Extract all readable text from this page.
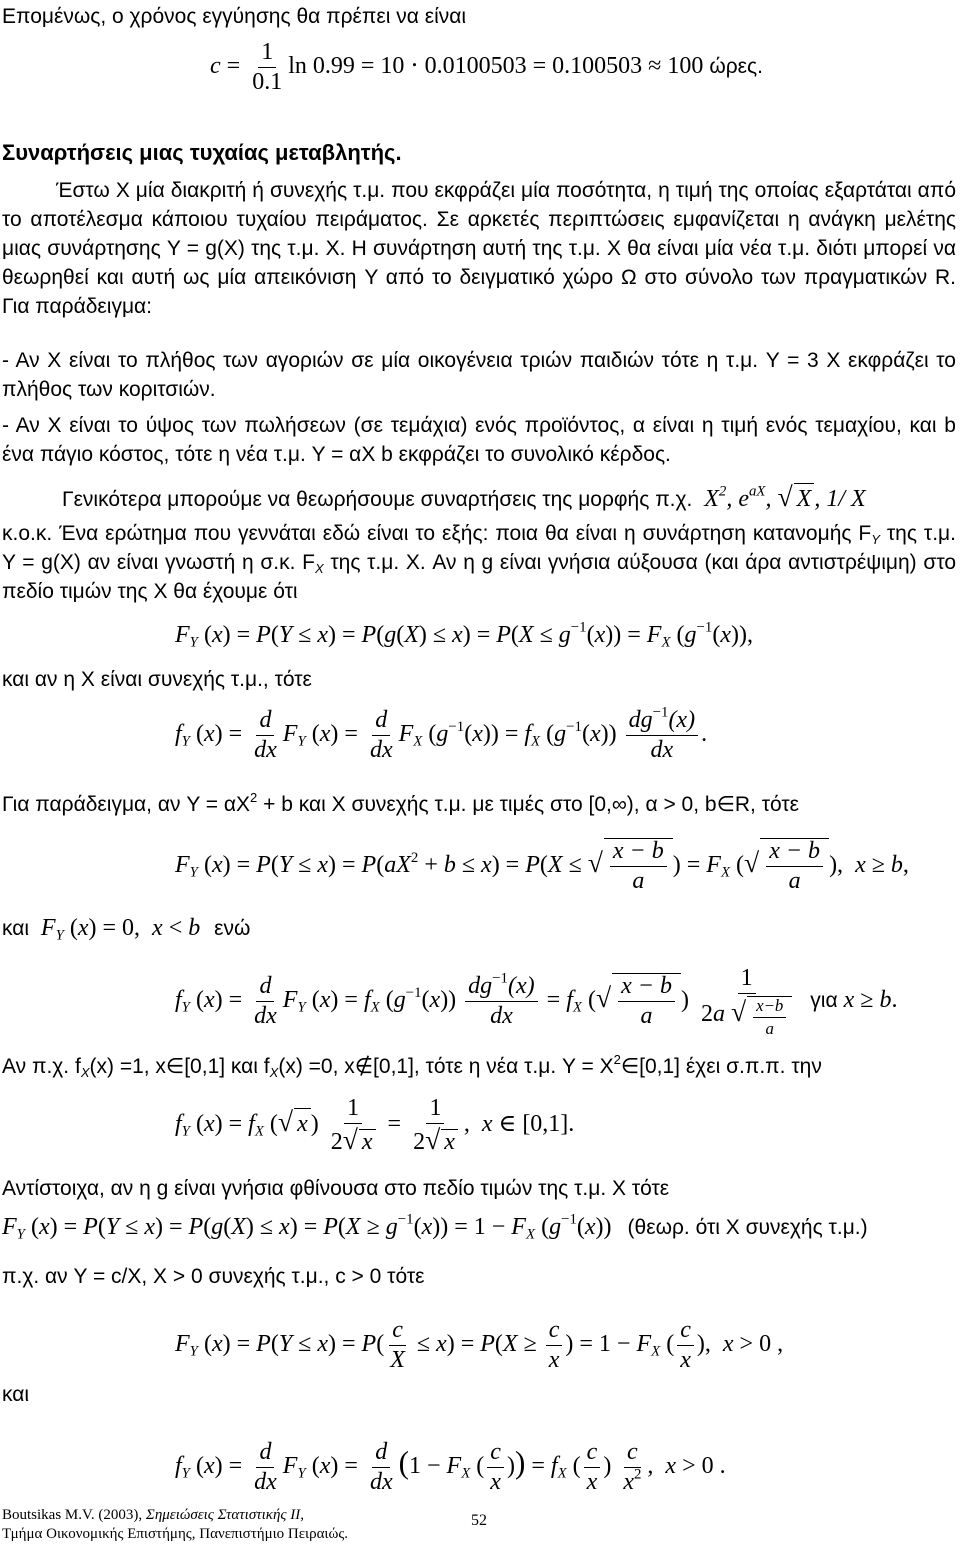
Επομένως, ο χρόνος εγγύησης θα πρέπει να είναι

$c = \frac{1}{0.1}$ ln 0.99 = 10 ⋅ 0.0100503 = 0.100503 ≈ 100 ώρες.

Συναρτήσεις μιας τυχαίας μεταβλητής.

Έστω X μία διακριτή ή συνεχής τ.μ. που εκφράζει μία ποσότητα, η τιμή της οποίας εξαρτάται από το αποτέλεσμα κάποιου τυχαίου πειράματος. Σε αρκετές περιπτώσεις εμφανίζεται η ανάγκη μελέτης μιας συνάρτησης Y = g(X) της τ.μ. X. Η συνάρτηση αυτή της τ.μ. X θα είναι μία νέα τ.μ. διότι μπορεί να θεωρηθεί και αυτή ως μία απεικόνιση Y από το δειγματικό χώρο Ω στο σύνολο των πραγματικών R. Για παράδειγμα:

- Αν X είναι το πλήθος των αγοριών σε μία οικογένεια τριών παιδιών τότε η τ.μ. Y = 3 X εκφράζει το πλήθος των κοριτσιών.

- Αν X είναι το ύψος των πωλήσεων (σε τεμάχια) ενός προϊόντος, α είναι η τιμή ενός τεμαχίου, και b ένα πάγιο κόστος, τότε η νέα τ.μ. Y = αX b εκφράζει το συνολικό κέρδος.

Γενικότερα μπορούμε να θεωρήσουμε συναρτήσεις της μορφής π.χ. $X^2$, $e^{aX}$, √ X , 1/ X

κ.ο.κ. Ένα ερώτημα που γεννάται εδώ είναι το εξής: ποια θα είναι η συνάρτηση κατανομής $F_Y$ της τ.μ. Y = g(X) αν είναι γνωστή η σ.κ. $F_X$ της τ.μ. X. Αν η g είναι γνήσια αύξουσα (και άρα αντιστρέψιμη) στο πεδίο τιμών της X θα έχουμε ότι

$F_Y$ $(x) = P(Y \le x) = P(g(X) \le x) = P(X \le g^{-1}(x)) = F_X$ $(g^{-1}(x))$,

και αν η X είναι συνεχής τ.μ., τότε

$f_Y$ $(x) = \frac{d}{dx} F_Y$ $(x) = \frac{d}{dx} F_X$ $(g^{-1}(x)) = f_X$ $(g^{-1}(x)) \frac{dg^{-1}(x)}{dx}$ .

Για παράδειγμα, αν $Y = \alpha X^2 + b$ και X συνεχής τ.μ. με τιμές στο [0,∞), α > 0, b∈R, τότε

$F_Y$ $(x) = P(Y \le x) = P(aX^2 + b \le x) = P(X$ ≤ √ $\frac{x - b}{a}$ ) = $F_X$ (√ $\frac{x - b}{a}$ ),  x ≥ b,
και $F_Y$ (x) = 0,  x < b ενώ
$f_Y$ $(x) = \frac{d}{dx} F_Y$ $(x) = f_X$ $(g^{-1}(x)) \frac{dg^{-1}(x)}{dx} = f_X$ (√ $\frac{x - b}{a}$ ) $\frac{1}{2a √ \frac{x-b}{a}}$ για x ≥ b.

Αν π.χ. $f_X(x) =1$, x∈[0,1] και $f_X(x) =0$, x∉[0,1], τότε η νέα τ.μ. $Y = X^2\in[0,1]$ έχει σ.π.π. την

$f_Y$ $(x) = f_X$ (√ x ) $\frac{1}{2√ x} = \frac{1}{2√ x}$ ,  x ∈ [0,1].

Αντίστοιχα, αν η g είναι γνήσια φθίνουσα στο πεδίο τιμών της τ.μ. X τότε

$F_Y$ $(x) = P(Y \le x) = P(g(X) \le x) = P(X \ge g^{-1}(x)) = 1 - F_X$ $(g^{-1}(x))$ (θεωρ. ότι X συνεχής τ.μ.)

π.χ. αν Y = c/X, X > 0 συνεχής τ.μ., c > 0 τότε

$F_Y$ $(x) = P(Y \le x) = P( \frac{c}{X} \le x) = P(X \ge \frac{c}{x}$ ) = $1 - F_X$ ( $\frac{c}{x}$ ),  x > 0 ,

και

$f_Y$ $(x) = \frac{d}{dx} F_Y$ $(x) = \frac{d}{dx} (1 - F_X$ ( $\frac{c}{x}$ )) = $f_X$ ( $\frac{c}{x}$ ) $\frac{c}{x^2}$ ,  x > 0 .
Boutsikas M.V. (2003), Σημειώσεις Στατιστικής ΙΙ,
Τμήμα Οικονομικής Επιστήμης, Πανεπιστήμιο Πειραιώς.
52
